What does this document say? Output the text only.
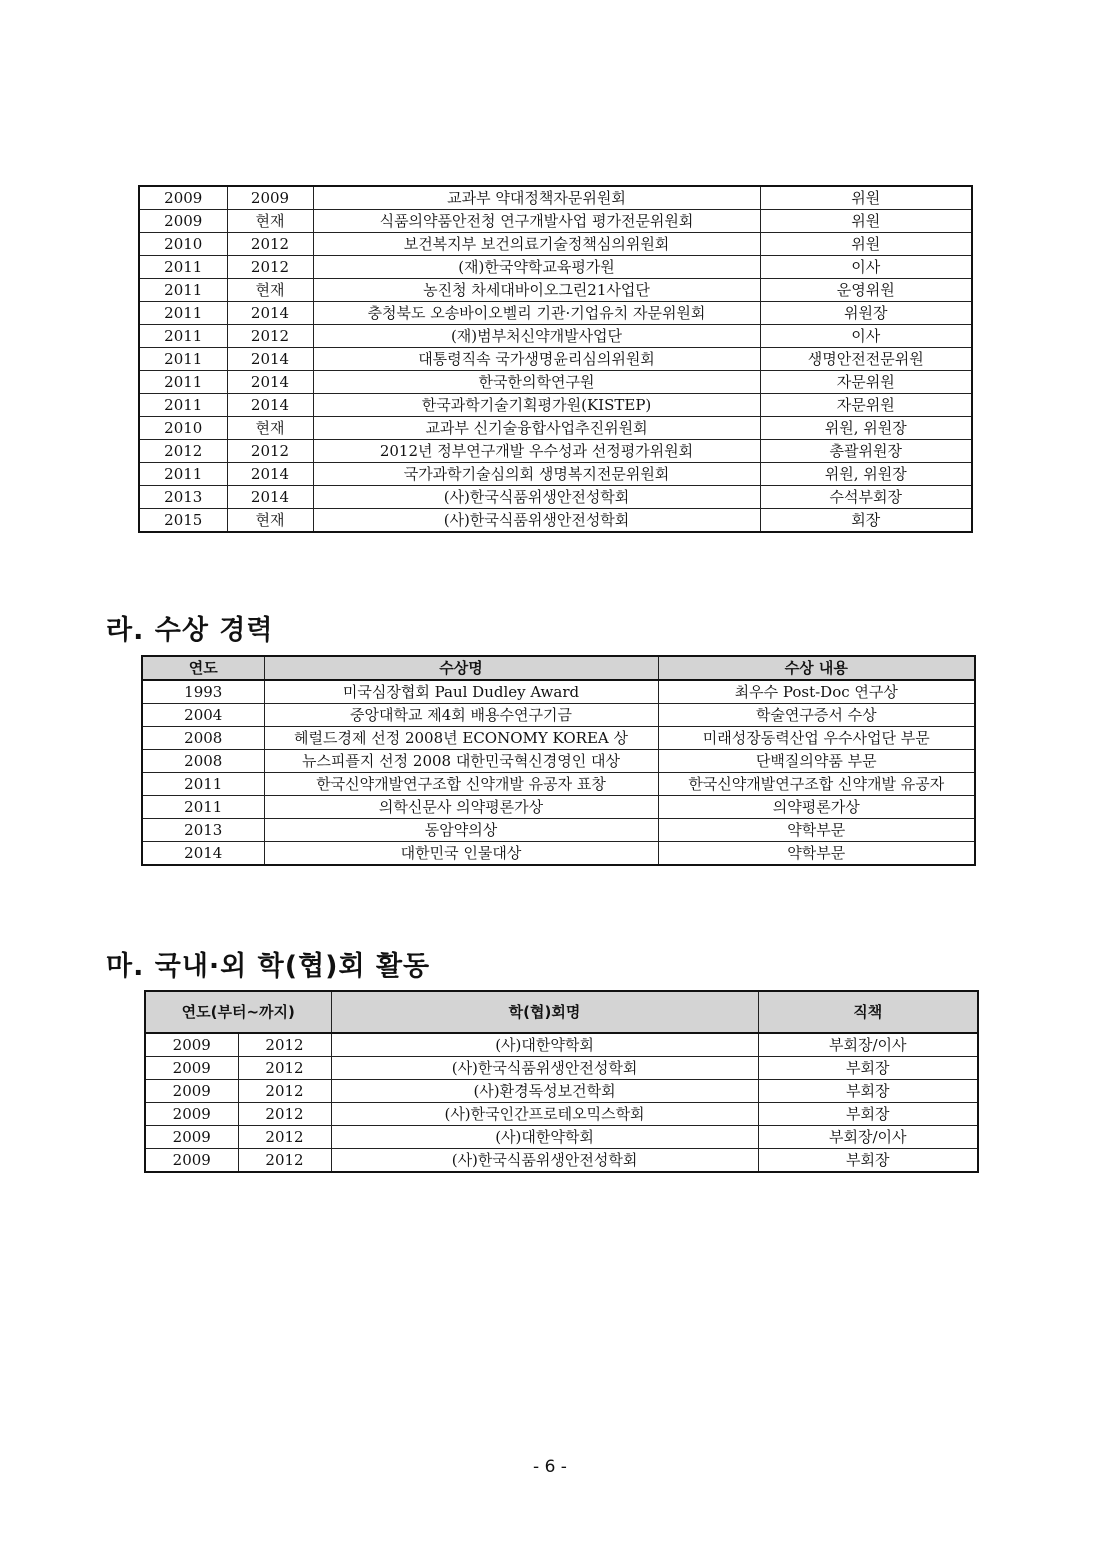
2009	2009	교과부 약대정책자문위원회	위원
2009	현재	식품의약품안전청 연구개발사업 평가전문위원회	위원
2010	2012	보건복지부 보건의료기술정책심의위원회	위원
2011	2012	(재)한국약학교육평가원	이사
2011	현재	농진청 차세대바이오그린21사업단	운영위원
2011	2014	충청북도 오송바이오벨리 기관·기업유치 자문위원회	위원장
2011	2012	(재)범부처신약개발사업단	이사
2011	2014	대통령직속 국가생명윤리심의위원회	생명안전전문위원
2011	2014	한국한의학연구원	자문위원
2011	2014	한국과학기술기획평가원(KISTEP)	자문위원
2010	현재	교과부 신기술융합사업추진위원회	위원, 위원장
2012	2012	2012년 정부연구개발 우수성과 선정평가위원회	총괄위원장
2011	2014	국가과학기술심의회 생명복지전문위원회	위원, 위원장
2013	2014	(사)한국식품위생안전성학회	수석부회장
2015	현재	(사)한국식품위생안전성학회	회장
라. 수상 경력
연도	수상명	수상 내용
1993	미국심장협회 Paul Dudley Award	최우수 Post-Doc 연구상
2004	중앙대학교 제4회 배용수연구기금	학술연구증서 수상
2008	헤럴드경제 선정 2008년 ECONOMY KOREA 상	미래성장동력산업 우수사업단 부문
2008	뉴스피플지 선정 2008 대한민국혁신경영인 대상	단백질의약품 부문
2011	한국신약개발연구조합 신약개발 유공자 표창	한국신약개발연구조합 신약개발 유공자
2011	의학신문사 의약평론가상	의약평론가상
2013	동암약의상	약학부문
2014	대한민국 인물대상	약학부문
마. 국내·외 학(협)회 활동
연도(부터~까지)		학(협)회명	직책
2009	2012	(사)대한약학회	부회장/이사
2009	2012	(사)한국식품위생안전성학회	부회장
2009	2012	(사)환경독성보건학회	부회장
2009	2012	(사)한국인간프로테오믹스학회	부회장
2009	2012	(사)대한약학회	부회장/이사
2009	2012	(사)한국식품위생안전성학회	부회장
- 6 -
